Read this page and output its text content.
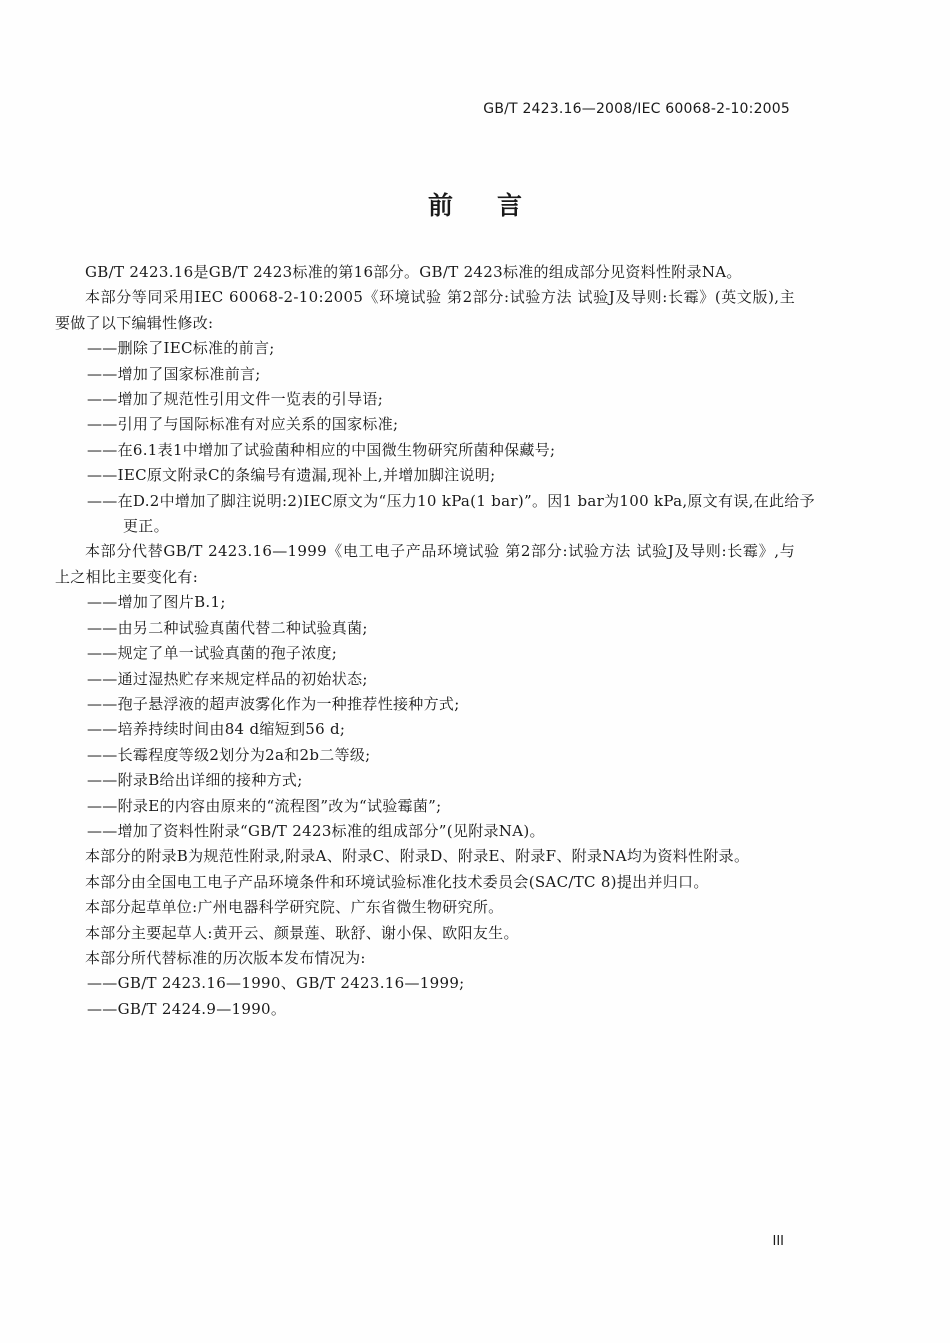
GB/T 2423.16—2008/IEC 60068-2-10:2005
前言

GB/T 2423.16是GB/T 2423标准的第16部分。GB/T 2423标准的组成部分见资料性附录NA。

本部分等同采用IEC 60068-2-10:2005《环境试验 第2部分:试验方法 试验J及导则:长霉》(英文版),主要做了以下编辑性修改:

——删除了IEC标准的前言;

——增加了国家标准前言;

——增加了规范性引用文件一览表的引导语;

——引用了与国际标准有对应关系的国家标准;

——在6.1表1中增加了试验菌种相应的中国微生物研究所菌种保藏号;

——IEC原文附录C的条编号有遗漏,现补上,并增加脚注说明;

——在D.2中增加了脚注说明:2)IEC原文为“压力10 kPa(1 bar)”。因1 bar为100 kPa,原文有误,在此给予更正。

本部分代替GB/T 2423.16—1999《电工电子产品环境试验 第2部分:试验方法 试验J及导则:长霉》,与上之相比主要变化有:

——增加了图片B.1;

——由另二种试验真菌代替二种试验真菌;

——规定了单一试验真菌的孢子浓度;

——通过湿热贮存来规定样品的初始状态;

——孢子悬浮液的超声波雾化作为一种推荐性接种方式;

——培养持续时间由84 d缩短到56 d;

——长霉程度等级2划分为2a和2b二等级;

——附录B给出详细的接种方式;

——附录E的内容由原来的“流程图”改为“试验霉菌”;

——增加了资料性附录“GB/T 2423标准的组成部分”(见附录NA)。

本部分的附录B为规范性附录,附录A、附录C、附录D、附录E、附录F、附录NA均为资料性附录。

本部分由全国电工电子产品环境条件和环境试验标准化技术委员会(SAC/TC 8)提出并归口。

本部分起草单位:广州电器科学研究院、广东省微生物研究所。

本部分主要起草人:黄开云、颜景莲、耿舒、谢小保、欧阳友生。

本部分所代替标准的历次版本发布情况为:

——GB/T 2423.16—1990、GB/T 2423.16—1999;

——GB/T 2424.9—1990。

III
